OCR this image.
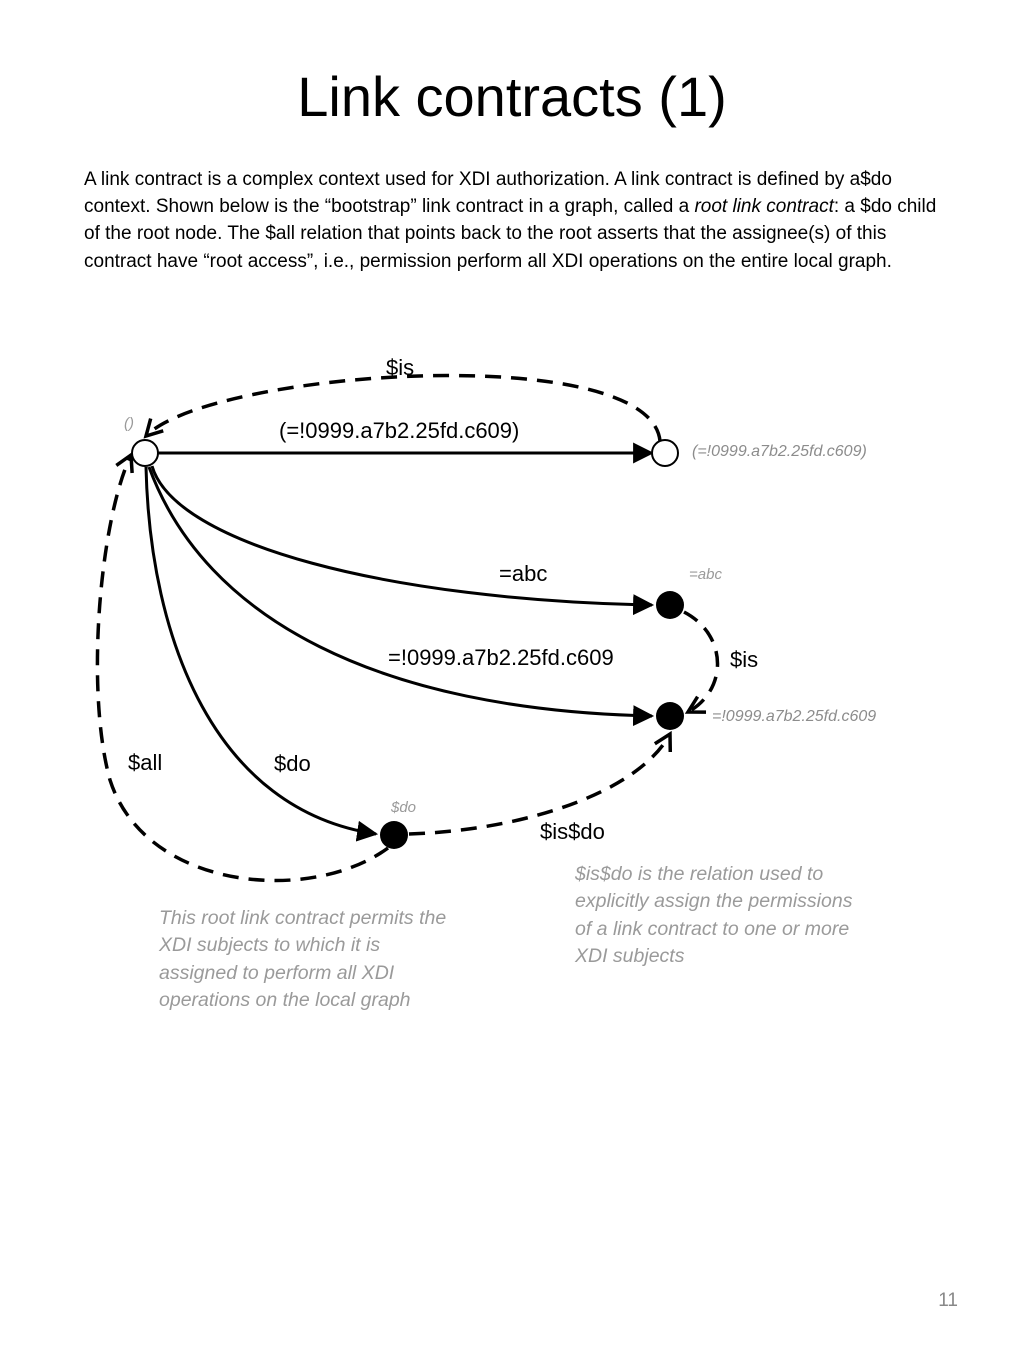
Link contracts (1)

A link contract is a complex context used for XDI authorization. A link contract is defined by a$do context. Shown below is the “bootstrap” link contract in a graph, called a root link contract: a $do child of the root node. The $all relation that points back to the root asserts that the assignee(s) of this contract have “root access”, i.e., permission perform all XDI operations on the entire local graph.

()
(=!0999.a7b2.25fd.c609)
=abc
=!0999.a7b2.25fd.c609
$do
(=!0999.a7b2.25fd.c609)
$is
=abc
=!0999.a7b2.25fd.c609	$is
$do
$all
$is$do

This root link contract permits the XDI subjects to which it is assigned to perform all XDI operations on the local graph

$is$do is the relation used to explicitly assign the permissions of a link contract to one or more XDI subjects

11
